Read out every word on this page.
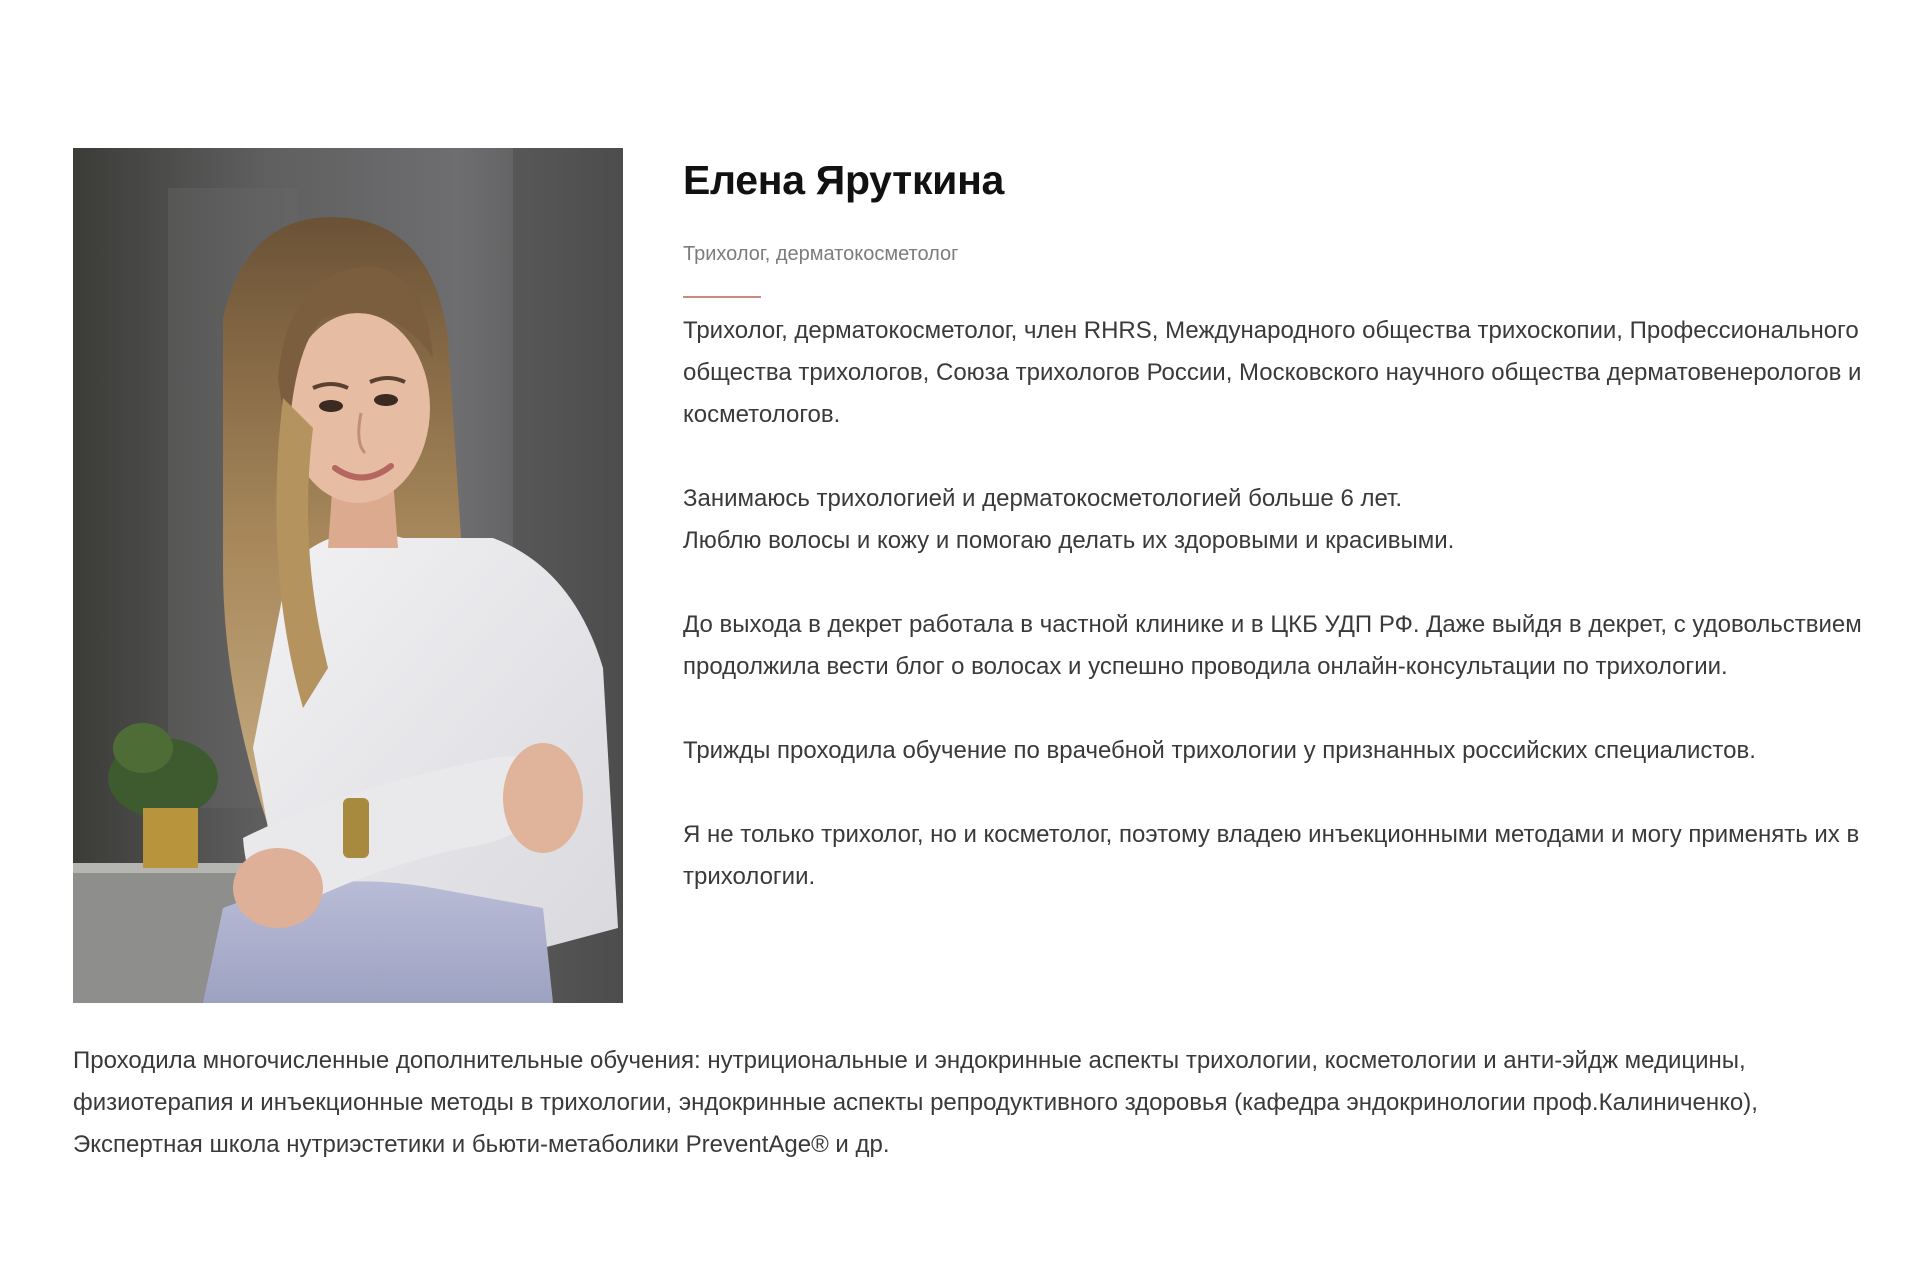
Елена Яруткина
Трихолог, дерматокосметолог

Трихолог, дерматокосметолог, член RHRS, Международного общества трихоскопии, Профессионального общества трихологов, Союза трихологов России, Московского научного общества дерматовенерологов и косметологов.

Занимаюсь трихологией и дерматокосметологией больше 6 лет.
Люблю волосы и кожу и помогаю делать их здоровыми и красивыми.

До выхода в декрет работала в частной клинике и в ЦКБ УДП РФ. Даже выйдя в декрет, с удовольствием продолжила вести блог о волосах и успешно проводила онлайн-консультации по трихологии.

Трижды проходила обучение по врачебной трихологии у признанных российских специалистов.

Я не только трихолог, но и косметолог, поэтому владею инъекционными методами и могу применять их в трихологии.

Проходила многочисленные дополнительные обучения: нутрициональные и эндокринные аспекты трихологии, косметологии и анти-эйдж медицины, физиотерапия и инъекционные методы в трихологии, эндокринные аспекты репродуктивного здоровья (кафедра эндокринологии проф.Калиниченко), Экспертная школа нутриэстетики и бьюти-метаболики PreventAge® и др.
